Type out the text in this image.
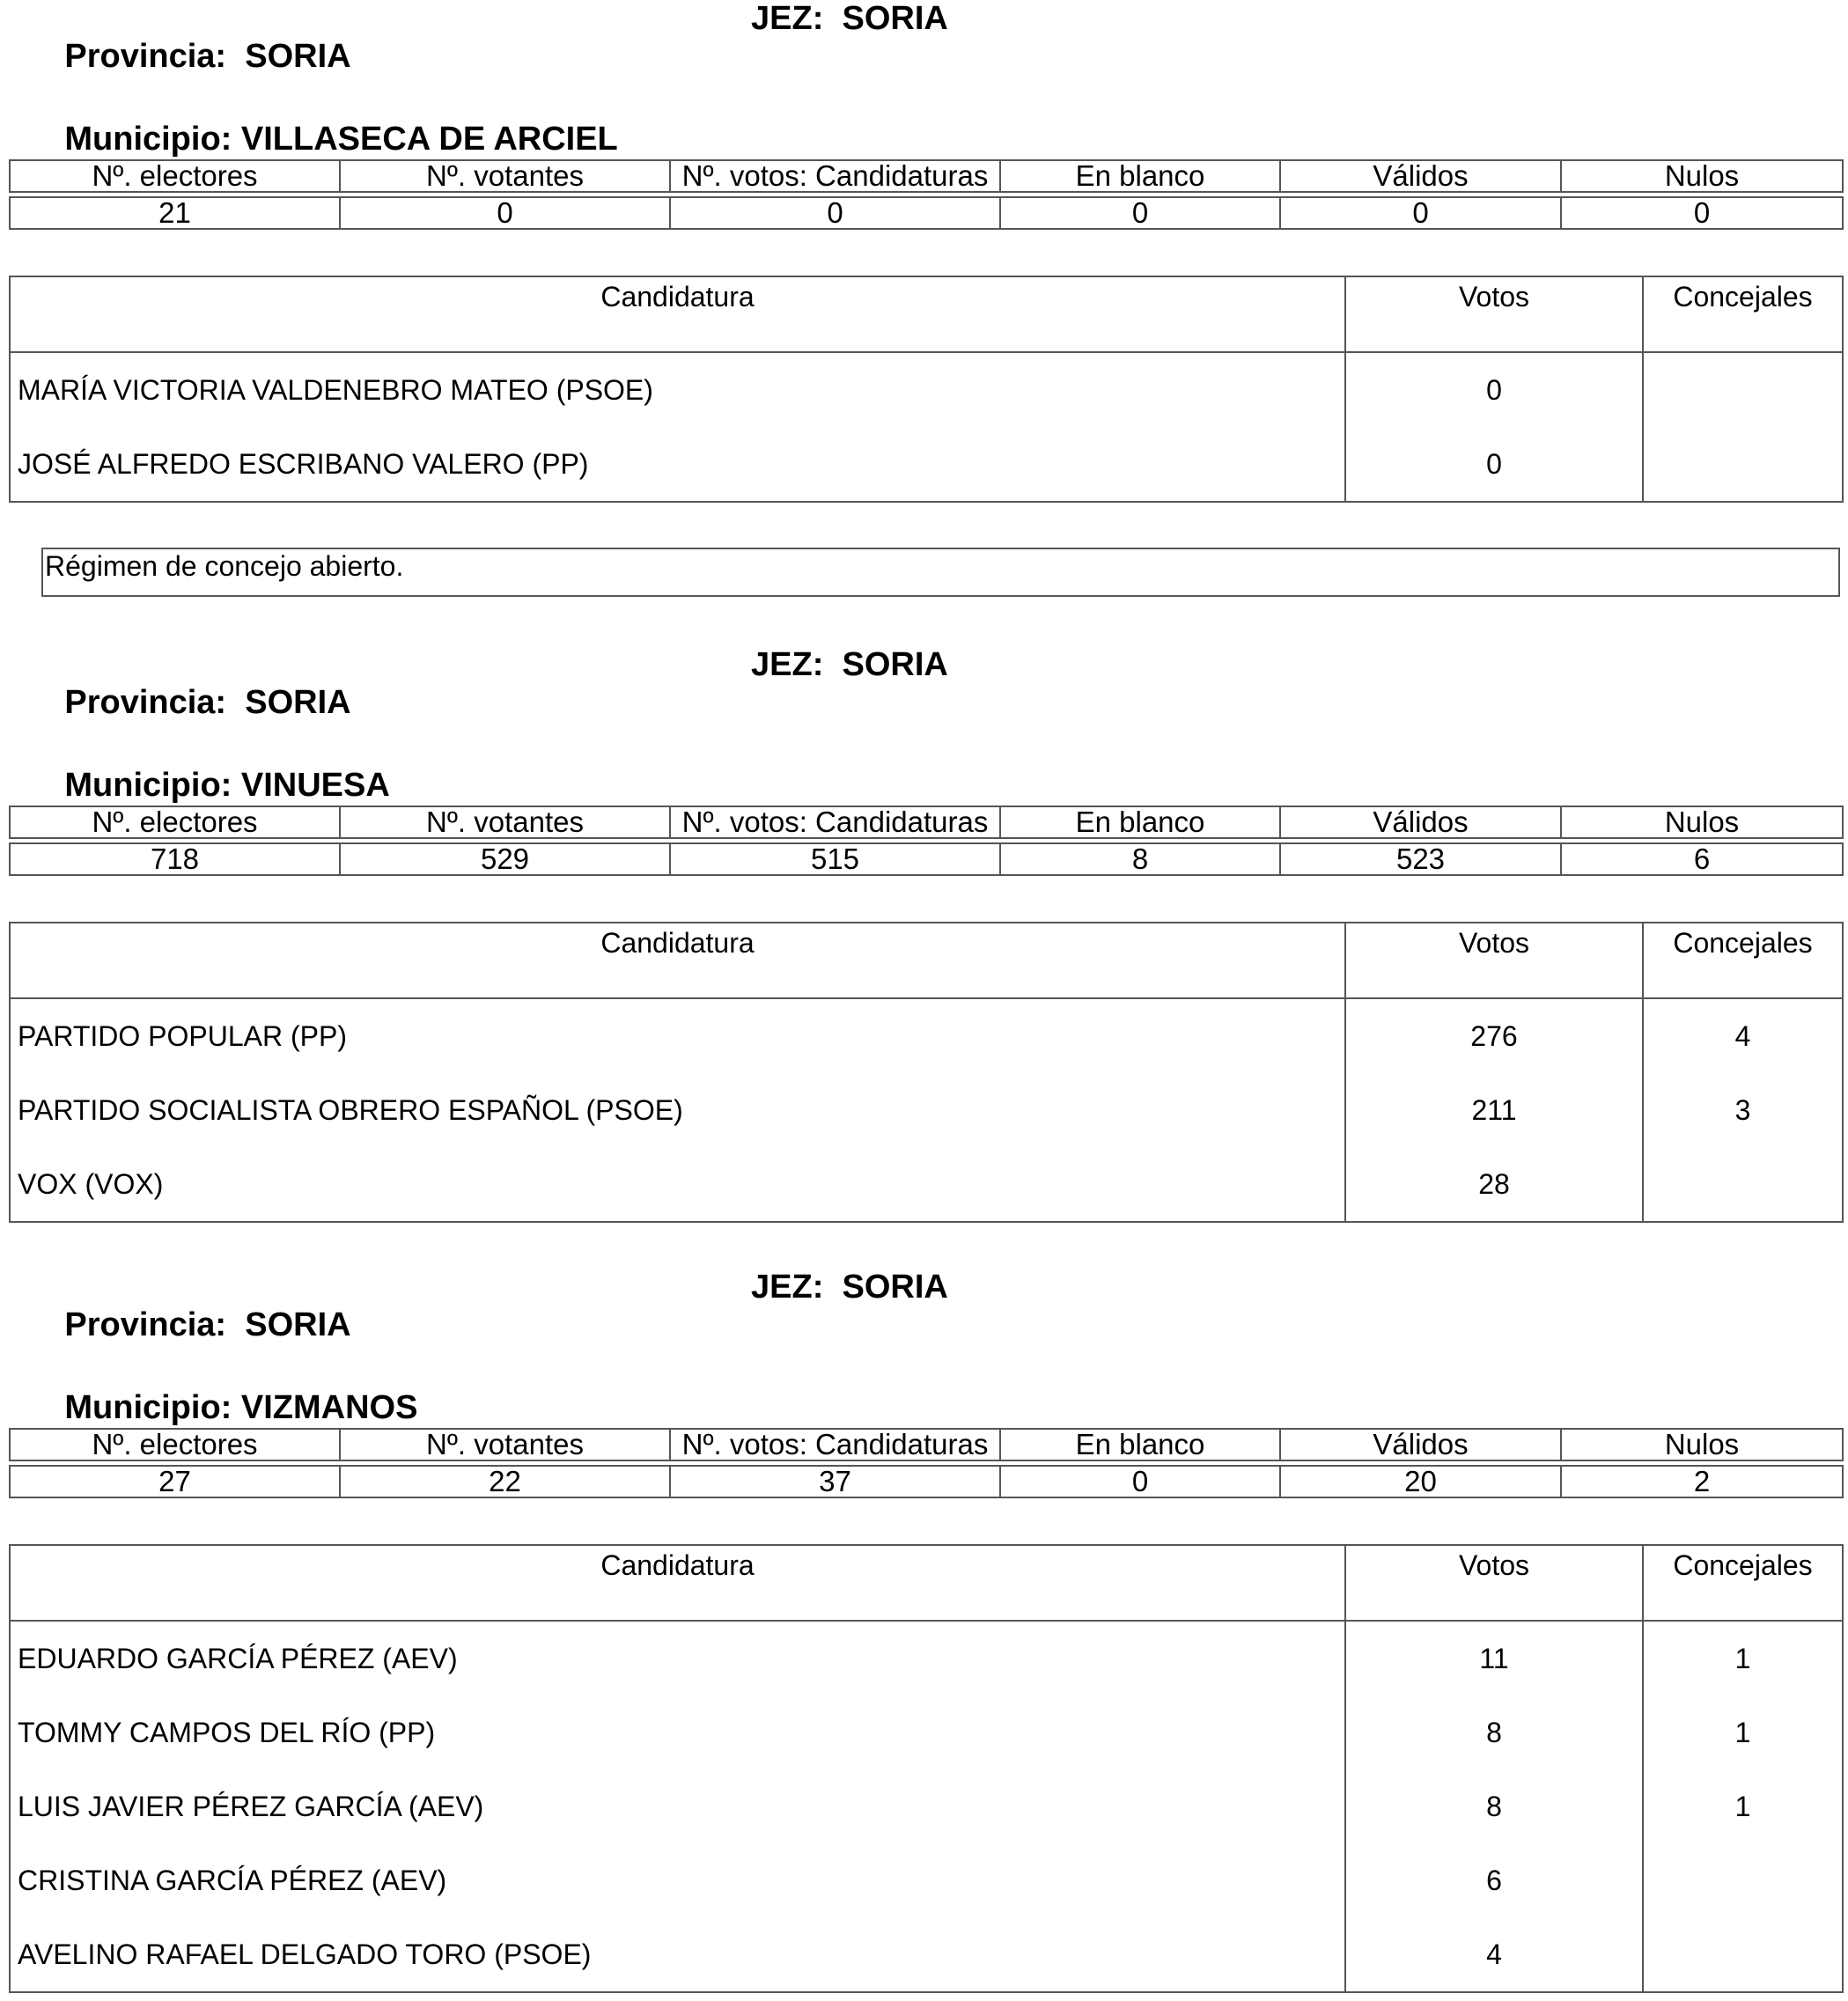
Provincia: SORIA

JEZ: SORIA

Municipio: VILLASECA DE ARCIEL

Nº. electores	Nº. votantes	Nº. votos: Candidaturas	En blanco	Válidos	Nulos

21	0	0	0	0	0
Candidatura	Votos	Concejales
MARÍA VICTORIA VALDENEBRO MATEO (PSOE)	0	
JOSÉ ALFREDO ESCRIBANO VALERO (PP)	0	
Régimen de concejo abierto.

Provincia: SORIA

JEZ: SORIA

Municipio: VINUESA

Nº. electores	Nº. votantes	Nº. votos: Candidaturas	En blanco	Válidos	Nulos

718	529	515	8	523	6
Candidatura	Votos	Concejales
PARTIDO POPULAR (PP)	276	4
PARTIDO SOCIALISTA OBRERO ESPAÑOL (PSOE)	211	3
VOX (VOX)	28	

Provincia: SORIA

JEZ: SORIA

Municipio: VIZMANOS

Nº. electores	Nº. votantes	Nº. votos: Candidaturas	En blanco	Válidos	Nulos

27	22	37	0	20	2
Candidatura	Votos	Concejales
EDUARDO GARCÍA PÉREZ (AEV)	11	1
TOMMY CAMPOS DEL RÍO (PP)	8	1
LUIS JAVIER PÉREZ GARCÍA (AEV)	8	1
CRISTINA GARCÍA PÉREZ (AEV)	6	
AVELINO RAFAEL DELGADO TORO (PSOE)	4	
